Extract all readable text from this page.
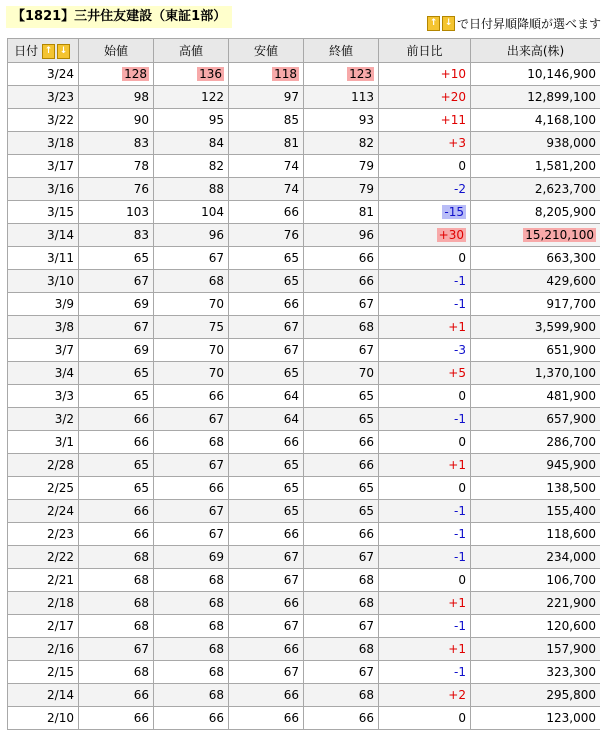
【1821】三井住友建設（東証1部）	↑ ↓ で日付昇順降順が選べます
日付 ↑ ↓	始値	高値	安値	終値	前日比	出来高(株)
3/24	128	136	118	123	+10	10,146,900
3/23	98	122	97	113	+20	12,899,100
3/22	90	95	85	93	+11	4,168,100
3/18	83	84	81	82	+3	938,000
3/17	78	82	74	79	0	1,581,200
3/16	76	88	74	79	-2	2,623,700
3/15	103	104	66	81	-15	8,205,900
3/14	83	96	76	96	+30	15,210,100
3/11	65	67	65	66	0	663,300
3/10	67	68	65	66	-1	429,600
3/9	69	70	66	67	-1	917,700
3/8	67	75	67	68	+1	3,599,900
3/7	69	70	67	67	-3	651,900
3/4	65	70	65	70	+5	1,370,100
3/3	65	66	64	65	0	481,900
3/2	66	67	64	65	-1	657,900
3/1	66	68	66	66	0	286,700
2/28	65	67	65	66	+1	945,900
2/25	65	66	65	65	0	138,500
2/24	66	67	65	65	-1	155,400
2/23	66	67	66	66	-1	118,600
2/22	68	69	67	67	-1	234,000
2/21	68	68	67	68	0	106,700
2/18	68	68	66	68	+1	221,900
2/17	68	68	67	67	-1	120,600
2/16	67	68	66	68	+1	157,900
2/15	68	68	67	67	-1	323,300
2/14	66	68	66	68	+2	295,800
2/10	66	66	66	66	0	123,000
